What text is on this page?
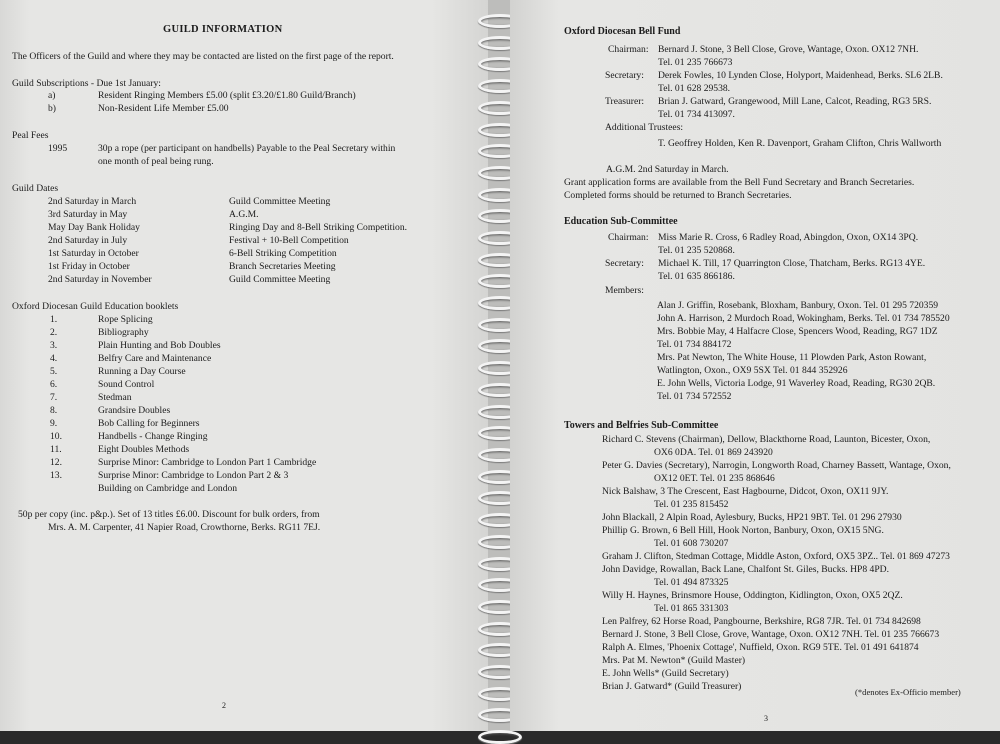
GUILD INFORMATION
The Officers of the Guild and where they may be contacted are listed on the first page of the report.
Guild Subscriptions - Due 1st January:
a)	Resident Ringing Members £5.00 (split £3.20/£1.80 Guild/Branch)
b)	Non-Resident Life Member £5.00
Peal Fees
1995	30p a rope (per participant on handbells) Payable to the Peal Secretary within
one month of peal being rung.
Guild Dates
2nd Saturday in March	Guild Committee Meeting
3rd Saturday in May	A.G.M.
May Day Bank Holiday	Ringing Day and 8-Bell Striking Competition.
2nd Saturday in July	Festival + 10-Bell Competition
1st Saturday in October	6-Bell Striking Competition
1st Friday in October	Branch Secretaries Meeting
2nd Saturday in November	Guild Committee Meeting
Oxford Diocesan Guild Education booklets
1.	Rope Splicing
2.	Bibliography
3.	Plain Hunting and Bob Doubles
4.	Belfry Care and Maintenance
5.	Running a Day Course
6.	Sound Control
7.	Stedman
8.	Grandsire Doubles
9.	Bob Calling for Beginners
10.	Handbells - Change Ringing
11.	Eight Doubles Methods
12.	Surprise Minor: Cambridge to London Part 1 Cambridge
13.	Surprise Minor: Cambridge to London Part 2 & 3
Building on Cambridge and London
50p per copy (inc. p&p.). Set of 13 titles £6.00. Discount for bulk orders, from
Mrs. A. M. Carpenter, 41 Napier Road, Crowthorne, Berks. RG11 7EJ.
2
Oxford Diocesan Bell Fund
Chairman: Bernard J. Stone, 3 Bell Close, Grove, Wantage, Oxon. OX12 7NH.
Tel. 01 235 766673
Secretary: Derek Fowles, 10 Lynden Close, Holyport, Maidenhead, Berks. SL6 2LB.
Tel. 01 628 29538.
Treasurer: Brian J. Gatward, Grangewood, Mill Lane, Calcot, Reading, RG3 5RS.
Tel. 01 734 413097.
Additional Trustees:
T. Geoffrey Holden, Ken R. Davenport, Graham Clifton, Chris Wallworth
A.G.M. 2nd Saturday in March.
Grant application forms are available from the Bell Fund Secretary and Branch Secretaries.
Completed forms should be returned to Branch Secretaries.
Education Sub-Committee
Chairman: Miss Marie R. Cross, 6 Radley Road, Abingdon, Oxon, OX14 3PQ.
Tel. 01 235 520868.
Secretary: Michael K. Till, 17 Quarrington Close, Thatcham, Berks. RG13 4YE.
Tel. 01 635 866186.
Members:
Alan J. Griffin, Rosebank, Bloxham, Banbury, Oxon. Tel. 01 295 720359
John A. Harrison, 2 Murdoch Road, Wokingham, Berks. Tel. 01 734 785520
Mrs. Bobbie May, 4 Halfacre Close, Spencers Wood, Reading, RG7 1DZ
Tel. 01 734 884172
Mrs. Pat Newton, The White House, 11 Plowden Park, Aston Rowant,
Watlington, Oxon., OX9 5SX Tel. 01 844 352926
E. John Wells, Victoria Lodge, 91 Waverley Road, Reading, RG30 2QB.
Tel. 01 734 572552
Towers and Belfries Sub-Committee
Richard C. Stevens (Chairman), Dellow, Blackthorne Road, Launton, Bicester, Oxon,
OX6 0DA. Tel. 01 869 243920
Peter G. Davies (Secretary), Narrogin, Longworth Road, Charney Bassett, Wantage, Oxon,
OX12 0ET. Tel. 01 235 868646
Nick Balshaw, 3 The Crescent, East Hagbourne, Didcot, Oxon, OX11 9JY.
Tel. 01 235 815452
John Blackall, 2 Alpin Road, Aylesbury, Bucks, HP21 9BT. Tel. 01 296 27930
Phillip G. Brown, 6 Bell Hill, Hook Norton, Banbury, Oxon, OX15 5NG.
Tel. 01 608 730207
Graham J. Clifton, Stedman Cottage, Middle Aston, Oxford, OX5 3PZ.. Tel. 01 869 47273
John Davidge, Rowallan, Back Lane, Chalfont St. Giles, Bucks. HP8 4PD.
Tel. 01 494 873325
Willy H. Haynes, Brinsmore House, Oddington, Kidlington, Oxon, OX5 2QZ.
Tel. 01 865 331303
Len Palfrey, 62 Horse Road, Pangbourne, Berkshire, RG8 7JR. Tel. 01 734 842698
Bernard J. Stone, 3 Bell Close, Grove, Wantage, Oxon. OX12 7NH. Tel. 01 235 766673
Ralph A. Elmes, 'Phoenix Cottage', Nuffield, Oxon. RG9 5TE. Tel. 01 491 641874
Mrs. Pat M. Newton* (Guild Master)
E. John Wells* (Guild Secretary)
Brian J. Gatward* (Guild Treasurer)	(*denotes Ex-Officio member)
3
